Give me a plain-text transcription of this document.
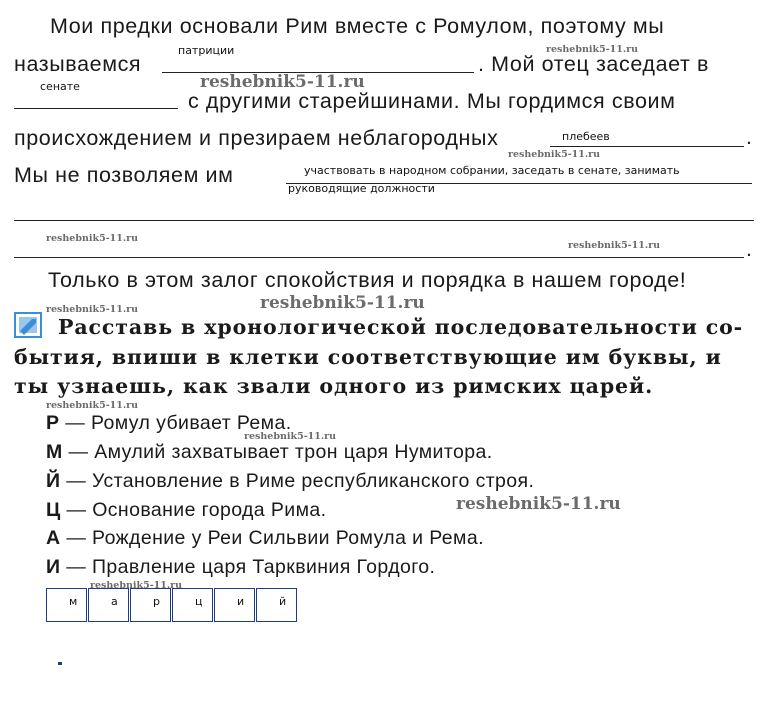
Мои предки основали Рим вместе с Ромулом, поэтому мы
патриции
называемся	. Мой отец заседает в
сенате
с другими старейшинами. Мы гордимся своим
происхождением и презираем неблагородных	плебеев	.
Мы не позволяем им	участвовать в народном собрании, заседать в сенате, занимать
руководящие должности
.
Только в этом залог спокойствия и порядка в нашем городе!
Расставь в хронологической последовательности со-
бытия, впиши в клетки соответствующие им буквы, и
ты узнаешь, как звали одного из римских царей.
Р — Ромул убивает Рема.
М — Амулий захватывает трон царя Нумитора.
Й — Установление в Риме республиканского строя.
Ц — Основание города Рима.
А — Рождение у Реи Сильвии Ромула и Рема.
И — Правление царя Тарквиния Гордого.
м	а	р	ц	и	й
reshebnik5-11.ru
reshebnik5-11.ru
reshebnik5-11.ru
reshebnik5-11.ru
reshebnik5-11.ru
reshebnik5-11.ru	reshebnik5-11.ru
reshebnik5-11.ru
reshebnik5-11.ru
reshebnik5-11.ru
reshebnik5-11.ru
